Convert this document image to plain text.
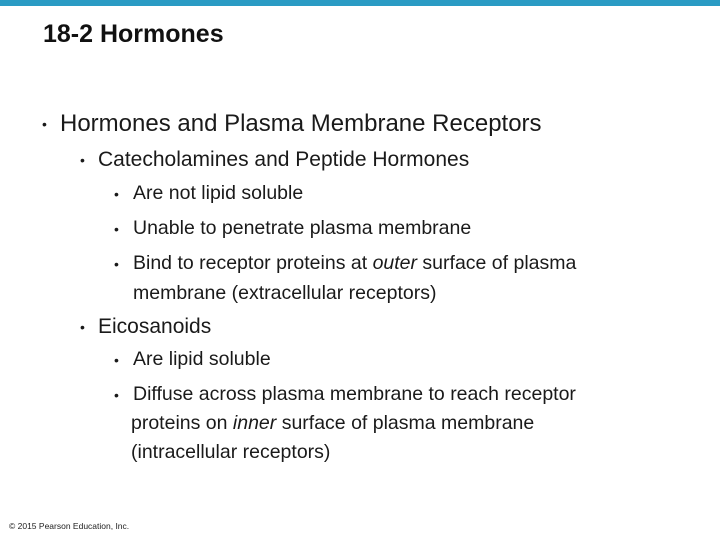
18-2 Hormones
• Hormones and Plasma Membrane Receptors
• Catecholamines and Peptide Hormones
• Are not lipid soluble
• Unable to penetrate plasma membrane
• Bind to receptor proteins at outer surface of plasma
membrane (extracellular receptors)
• Eicosanoids
• Are lipid soluble
• Diffuse across plasma membrane to reach receptor
proteins on inner surface of plasma membrane
(intracellular receptors)
© 2015 Pearson Education, Inc.
